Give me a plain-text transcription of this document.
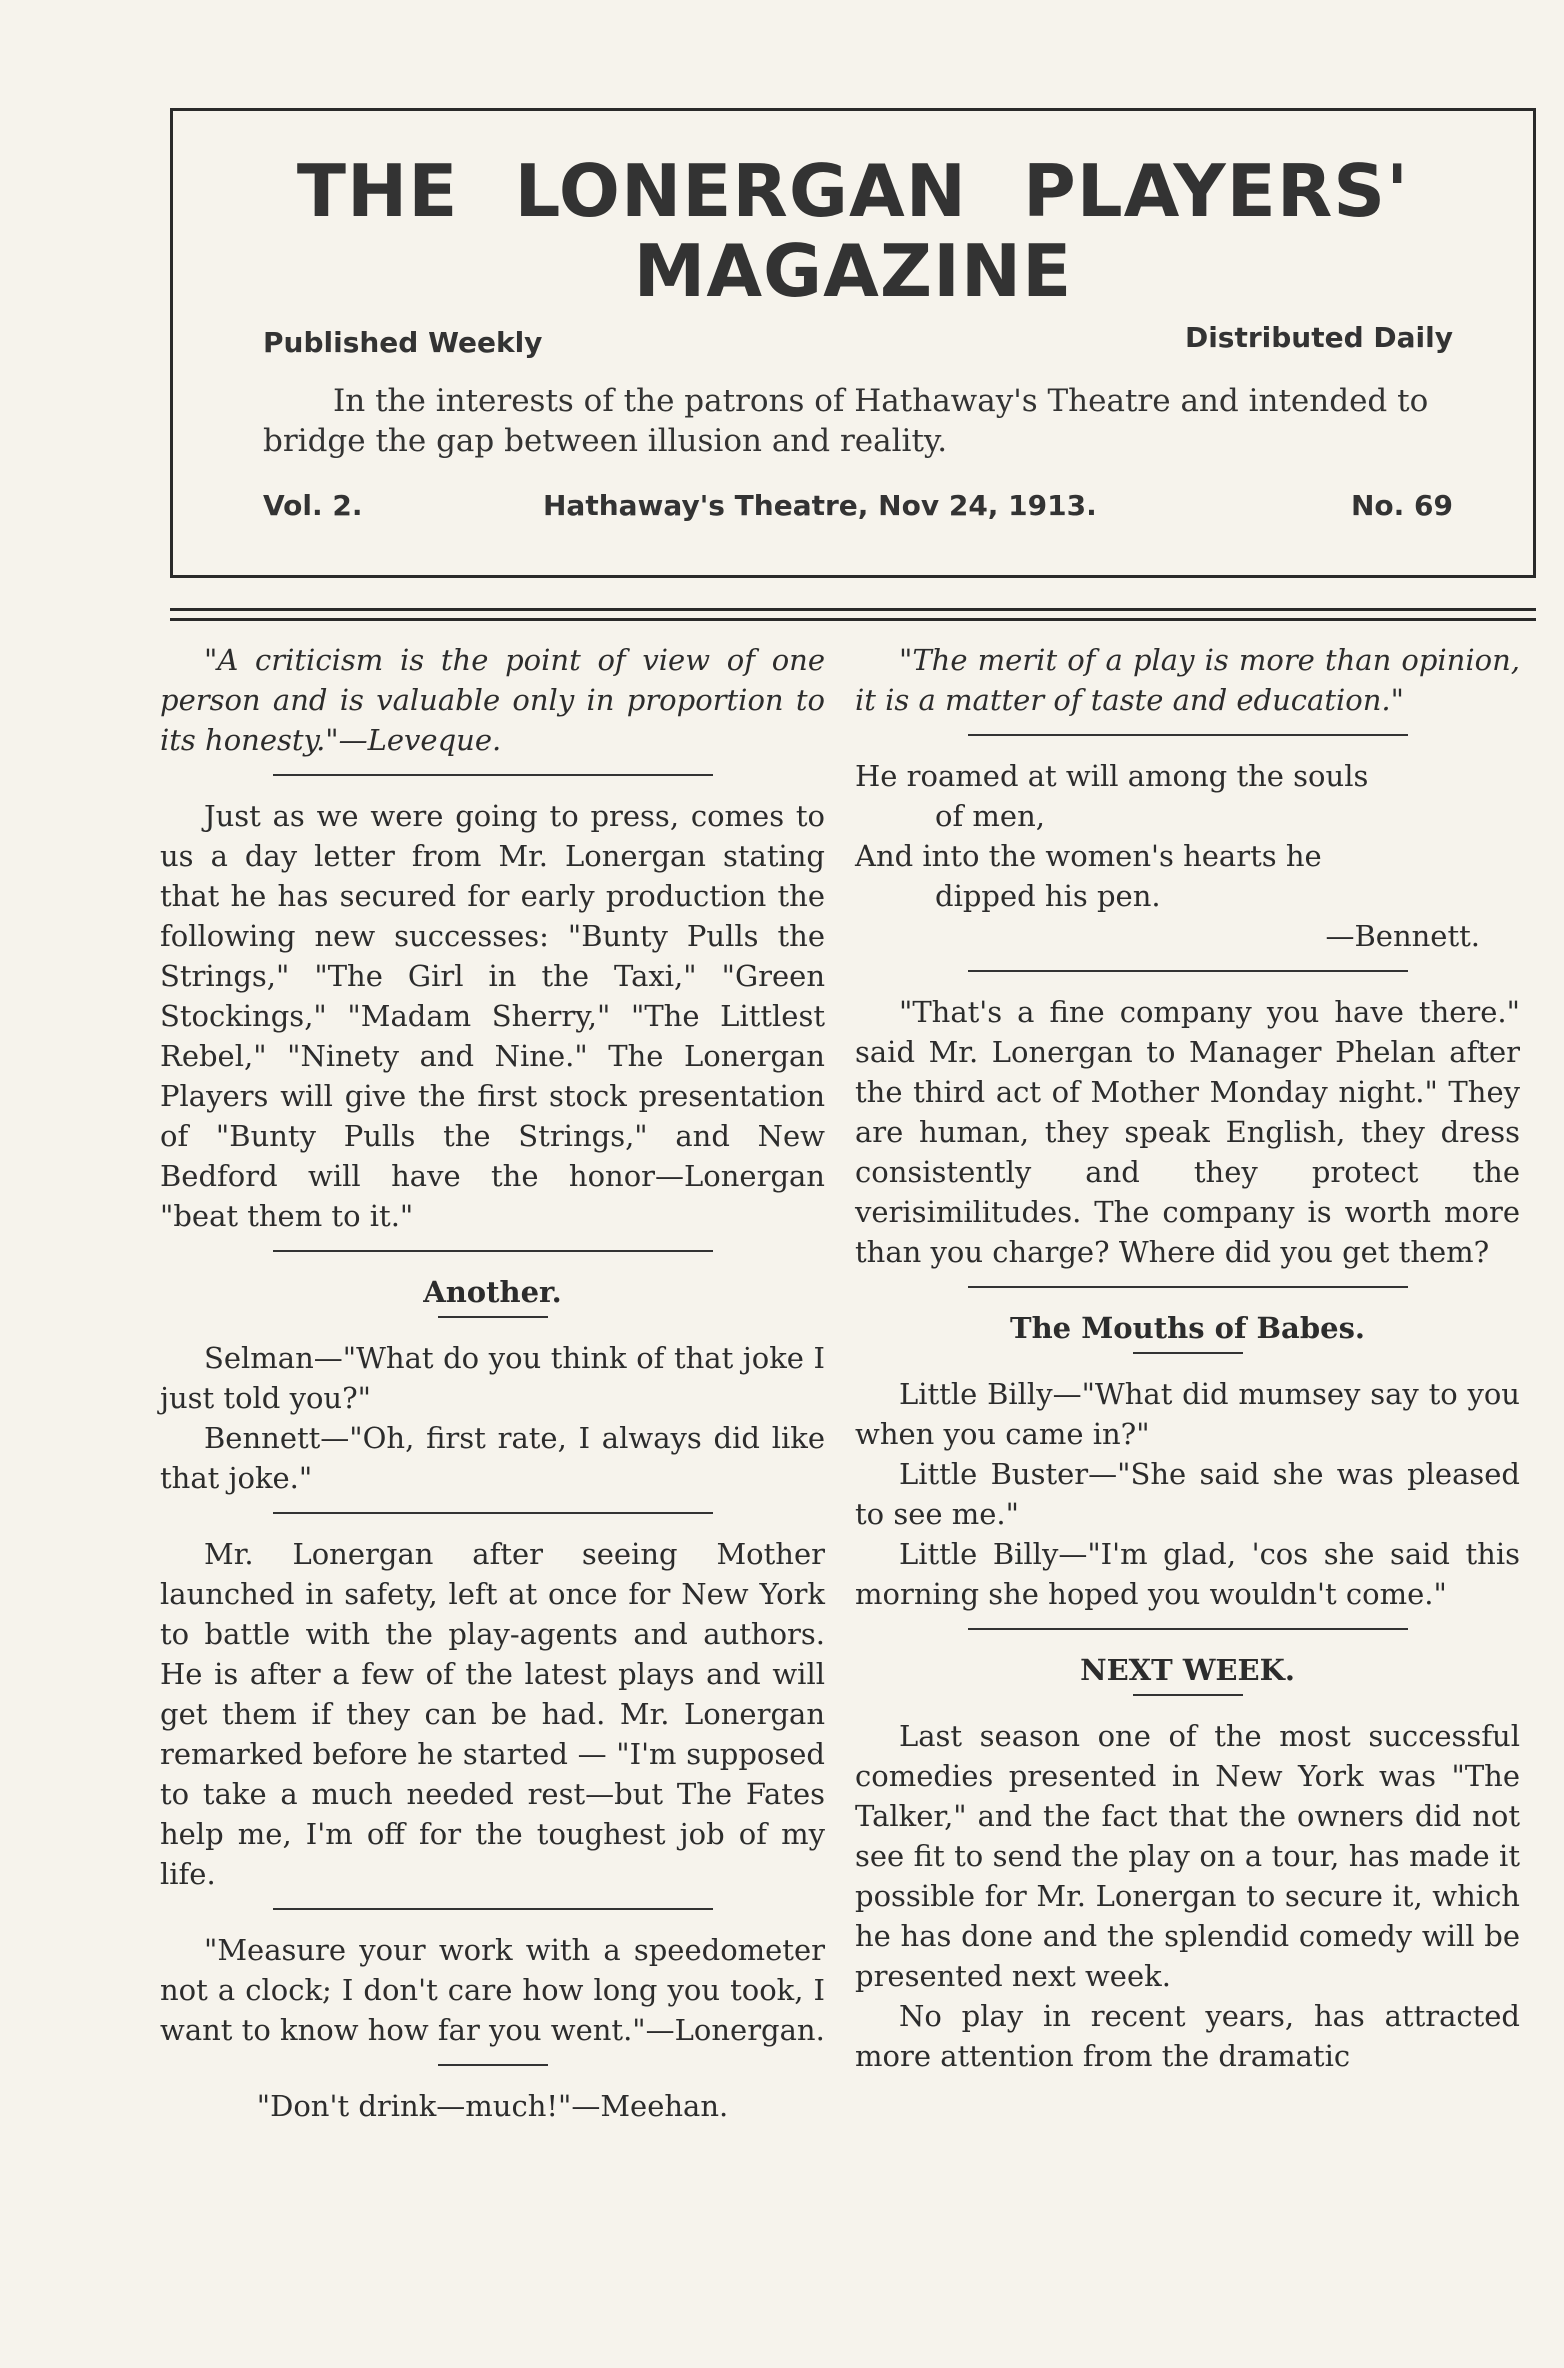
THE LONERGAN PLAYERS'
MAGAZINE
Published Weekly	Distributed Daily
In the interests of the patrons of Hathaway's Theatre and intended to bridge the gap between illusion and reality.
Vol. 2.	Hathaway's Theatre, Nov 24, 1913.	No. 69

"A criticism is the point of view of one person and is valuable only in proportion to its honesty."—Leveque.

Just as we were going to press, comes to us a day letter from Mr. Lonergan stating that he has secured for early production the following new successes: "Bunty Pulls the Strings," "The Girl in the Taxi," "Green Stockings," "Madam Sherry," "The Littlest Rebel," "Ninety and Nine." The Lonergan Players will give the first stock presentation of "Bunty Pulls the Strings," and New Bedford will have the honor—Lonergan "beat them to it."

Another.

Selman—"What do you think of that joke I just told you?"

Bennett—"Oh, first rate, I always did like that joke."

Mr. Lonergan after seeing Mother launched in safety, left at once for New York to battle with the play-agents and authors. He is after a few of the latest plays and will get them if they can be had. Mr. Lonergan remarked before he started — "I'm supposed to take a much needed rest—but The Fates help me, I'm off for the toughest job of my life.

"Measure your work with a speedometer not a clock; I don't care how long you took, I want to know how far you went."—Lonergan.

"Don't drink—much!"—Meehan.

"The merit of a play is more than opinion, it is a matter of taste and education."

He roamed at will among the souls
of men,
And into the women's hearts he
dipped his pen.
—Bennett.

"That's a fine company you have there." said Mr. Lonergan to Manager Phelan after the third act of Mother Monday night." They are human, they speak English, they dress consistently and they protect the verisimilitudes. The company is worth more than you charge? Where did you get them?

The Mouths of Babes.

Little Billy—"What did mumsey say to you when you came in?"

Little Buster—"She said she was pleased to see me."

Little Billy—"I'm glad, 'cos she said this morning she hoped you wouldn't come."

NEXT WEEK.

Last season one of the most successful comedies presented in New York was "The Talker," and the fact that the owners did not see fit to send the play on a tour, has made it possible for Mr. Lonergan to secure it, which he has done and the splendid comedy will be presented next week.

No play in recent years, has attracted more attention from the dramatic
